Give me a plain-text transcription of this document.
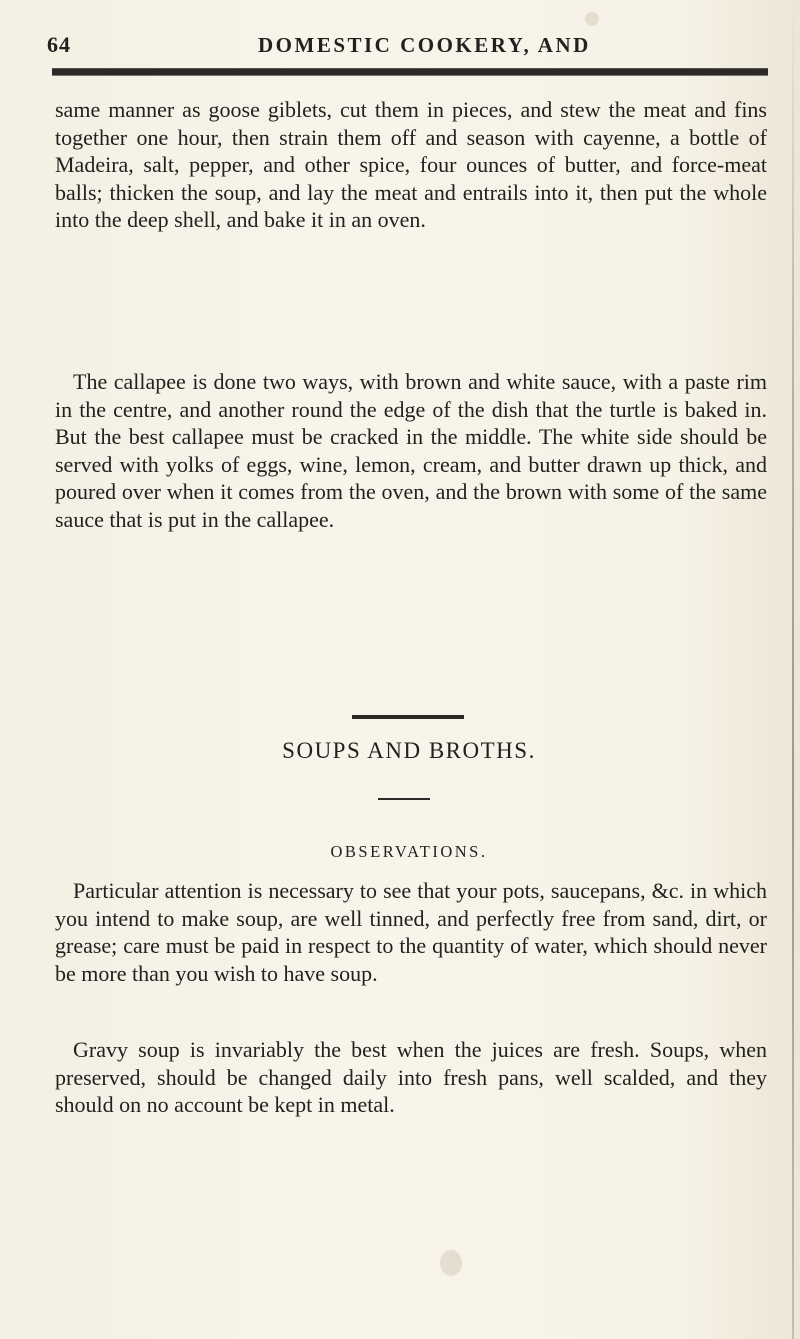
64	DOMESTIC COOKERY, AND

same manner as goose giblets, cut them in pieces, and stew the meat and fins together one hour, then strain them off and season with cayenne, a bottle of Madeira, salt, pepper, and other spice, four ounces of butter, and force-meat balls; thicken the soup, and lay the meat and entrails into it, then put the whole into the deep shell, and bake it in an oven.

The callapee is done two ways, with brown and white sauce, with a paste rim in the centre, and another round the edge of the dish that the turtle is baked in. But the best callapee must be cracked in the middle. The white side should be served with yolks of eggs, wine, lemon, cream, and butter drawn up thick, and poured over when it comes from the oven, and the brown with some of the same sauce that is put in the callapee.

SOUPS AND BROTHS.
OBSERVATIONS.

Particular attention is necessary to see that your pots, saucepans, &c. in which you intend to make soup, are well tinned, and perfectly free from sand, dirt, or grease; care must be paid in respect to the quantity of water, which should never be more than you wish to have soup.

Gravy soup is invariably the best when the juices are fresh. Soups, when preserved, should be changed daily into fresh pans, well scalded, and they should on no account be kept in metal.
